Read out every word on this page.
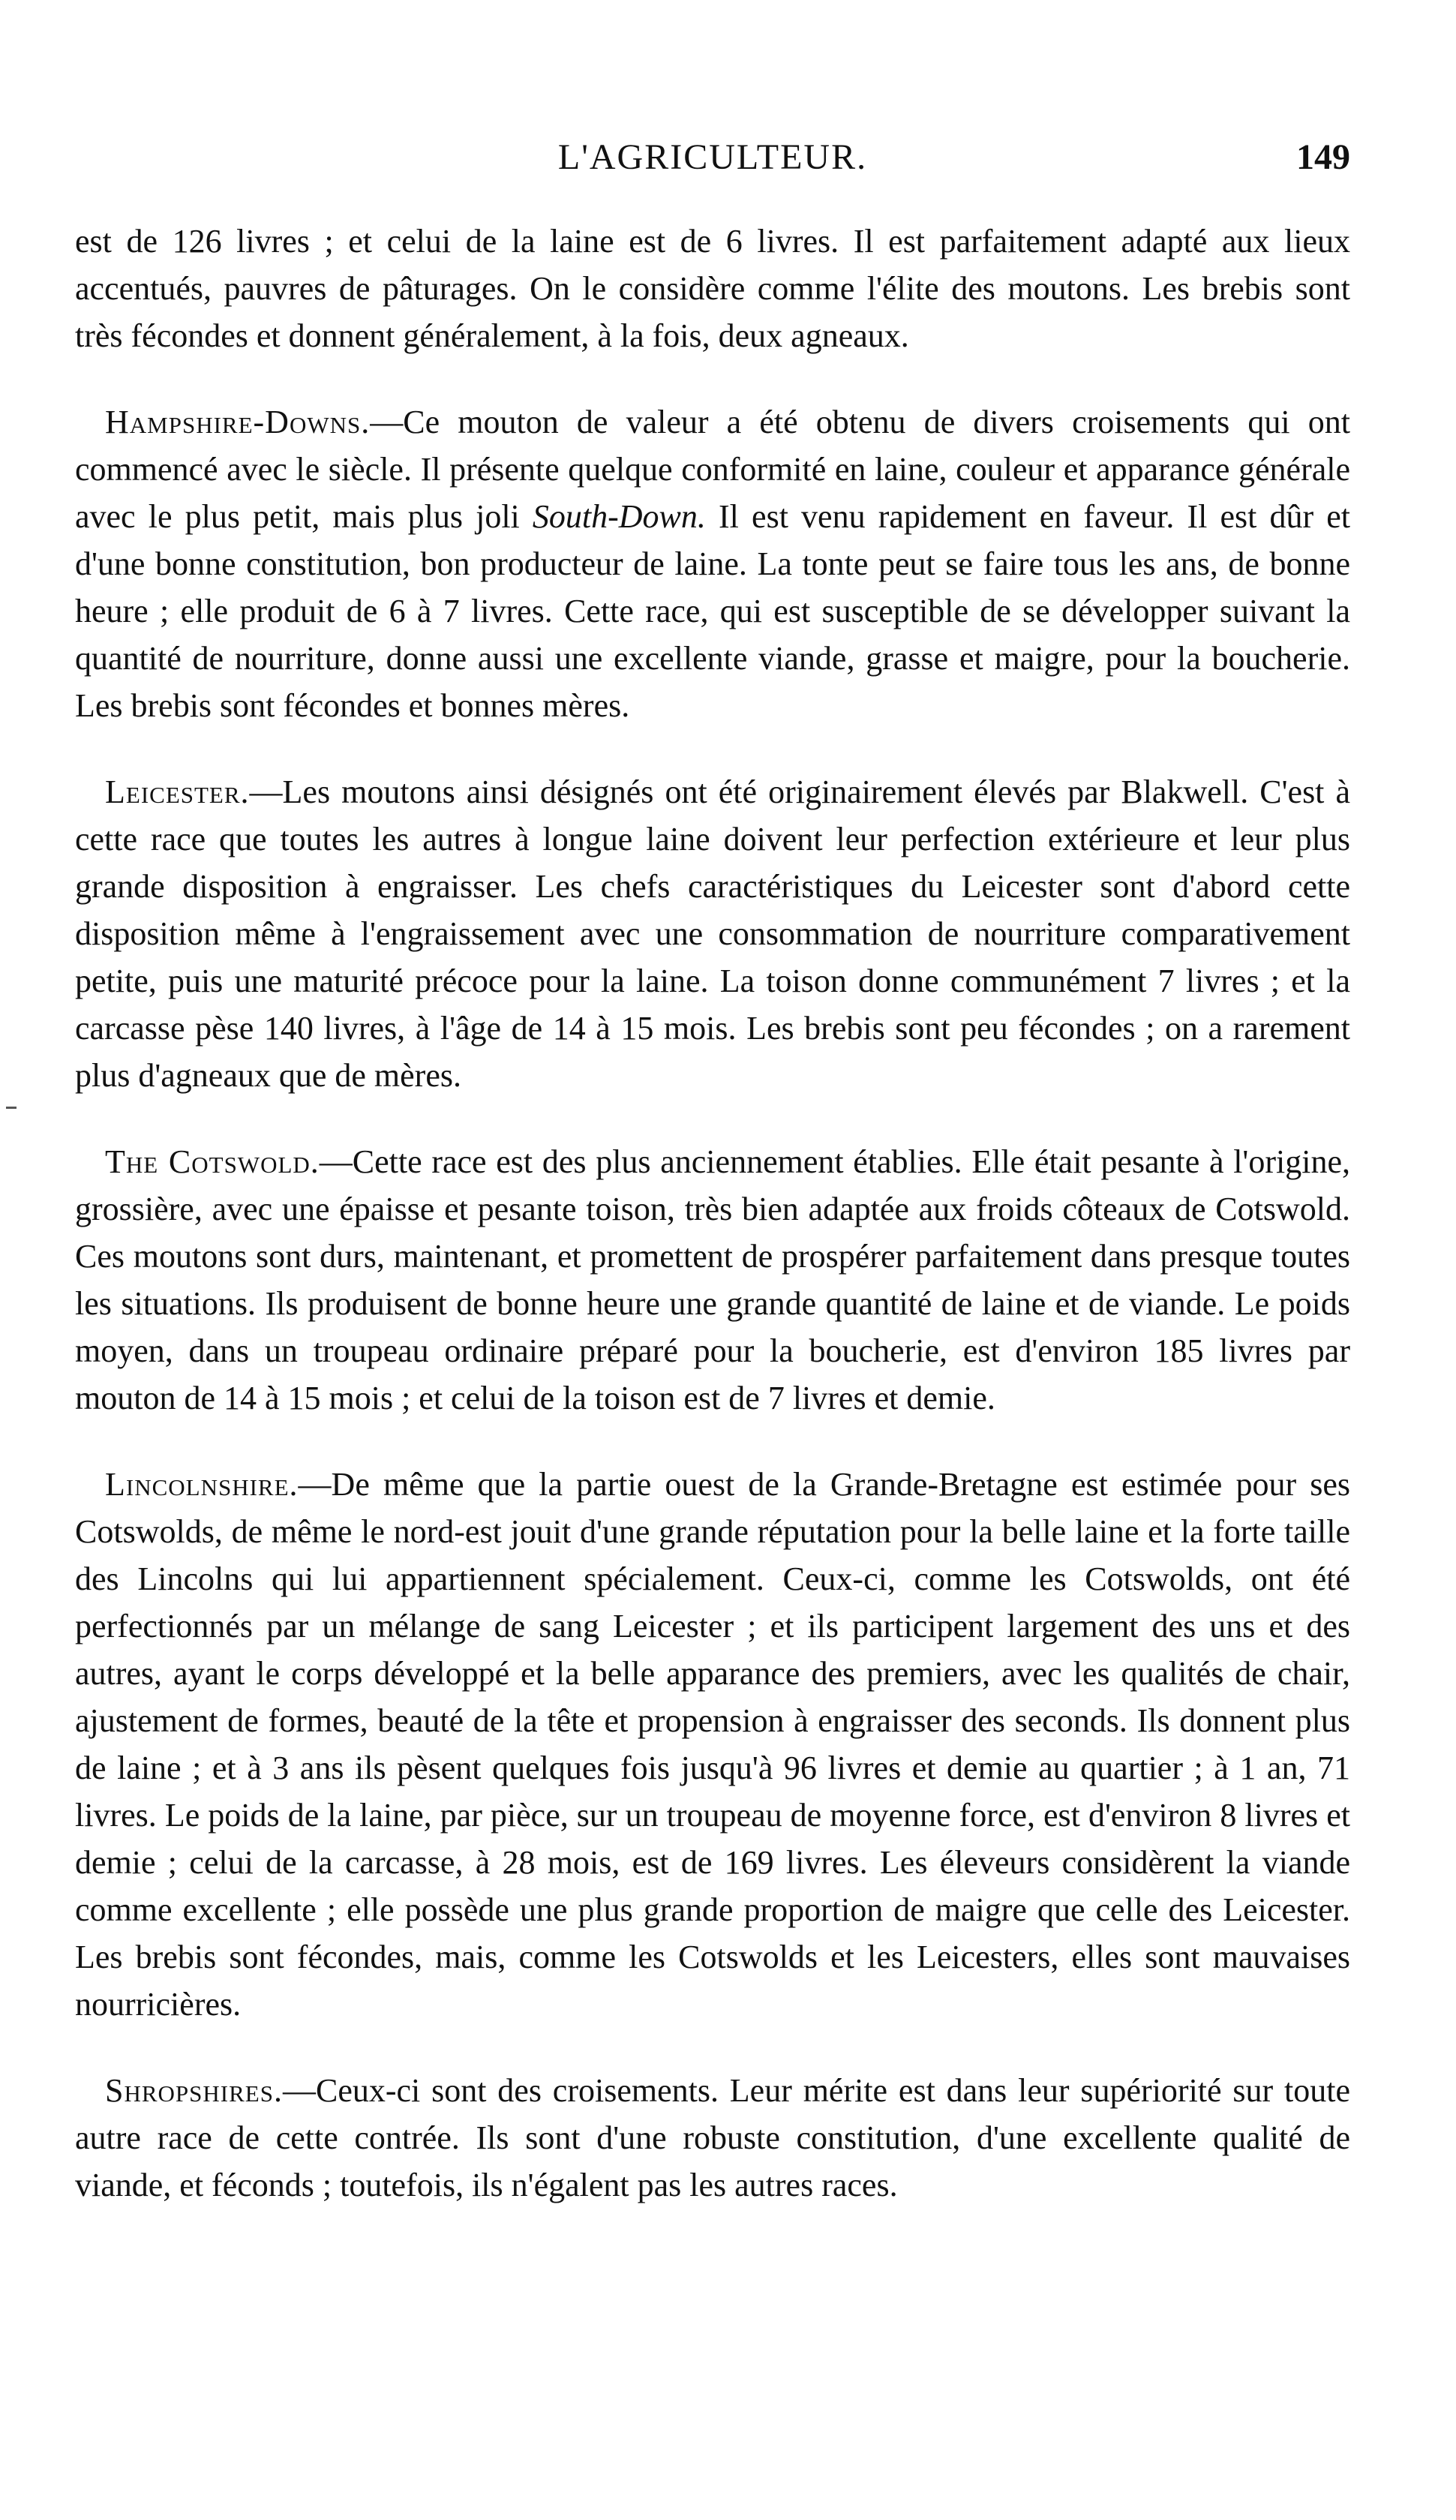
L'AGRICULTEUR.	149

est de 126 livres ; et celui de la laine est de 6 livres. Il est parfaitement adapté aux lieux accentués, pauvres de pâturages. On le considère comme l'élite des moutons. Les brebis sont très fécondes et donnent généralement, à la fois, deux agneaux.

Hampshire-Downs.—Ce mouton de valeur a été obtenu de divers croisements qui ont commencé avec le siècle. Il présente quelque conformité en laine, couleur et apparance générale avec le plus petit, mais plus joli South-Down. Il est venu rapidement en faveur. Il est dûr et d'une bonne constitution, bon producteur de laine. La tonte peut se faire tous les ans, de bonne heure ; elle produit de 6 à 7 livres. Cette race, qui est susceptible de se développer suivant la quantité de nourriture, donne aussi une excellente viande, grasse et maigre, pour la boucherie. Les brebis sont fécondes et bonnes mères.

Leicester.—Les moutons ainsi désignés ont été originairement élevés par Blakwell. C'est à cette race que toutes les autres à longue laine doivent leur perfection extérieure et leur plus grande disposition à engraisser. Les chefs caractéristiques du Leicester sont d'abord cette disposition même à l'engraissement avec une consommation de nourriture comparativement petite, puis une maturité précoce pour la laine. La toison donne communément 7 livres ; et la carcasse pèse 140 livres, à l'âge de 14 à 15 mois. Les brebis sont peu fécondes ; on a rarement plus d'agneaux que de mères.

The Cotswold.—Cette race est des plus anciennement établies. Elle était pesante à l'origine, grossière, avec une épaisse et pesante toison, très bien adaptée aux froids côteaux de Cotswold. Ces moutons sont durs, maintenant, et promettent de prospérer parfaitement dans presque toutes les situations. Ils produisent de bonne heure une grande quantité de laine et de viande. Le poids moyen, dans un troupeau ordinaire préparé pour la boucherie, est d'environ 185 livres par mouton de 14 à 15 mois ; et celui de la toison est de 7 livres et demie.

Lincolnshire.—De même que la partie ouest de la Grande-Bretagne est estimée pour ses Cotswolds, de même le nord-est jouit d'une grande réputation pour la belle laine et la forte taille des Lincolns qui lui appartiennent spécialement. Ceux-ci, comme les Cotswolds, ont été perfectionnés par un mélange de sang Leicester ; et ils participent largement des uns et des autres, ayant le corps développé et la belle apparance des premiers, avec les qualités de chair, ajustement de formes, beauté de la tête et propension à engraisser des seconds. Ils donnent plus de laine ; et à 3 ans ils pèsent quelques fois jusqu'à 96 livres et demie au quartier ; à 1 an, 71 livres. Le poids de la laine, par pièce, sur un troupeau de moyenne force, est d'environ 8 livres et demie ; celui de la carcasse, à 28 mois, est de 169 livres. Les éleveurs considèrent la viande comme excellente ; elle possède une plus grande proportion de maigre que celle des Leicester. Les brebis sont fécondes, mais, comme les Cotswolds et les Leicesters, elles sont mauvaises nourricières.

Shropshires.—Ceux-ci sont des croisements. Leur mérite est dans leur supériorité sur toute autre race de cette contrée. Ils sont d'une robuste constitution, d'une excellente qualité de viande, et féconds ; toutefois, ils n'égalent pas les autres races.
